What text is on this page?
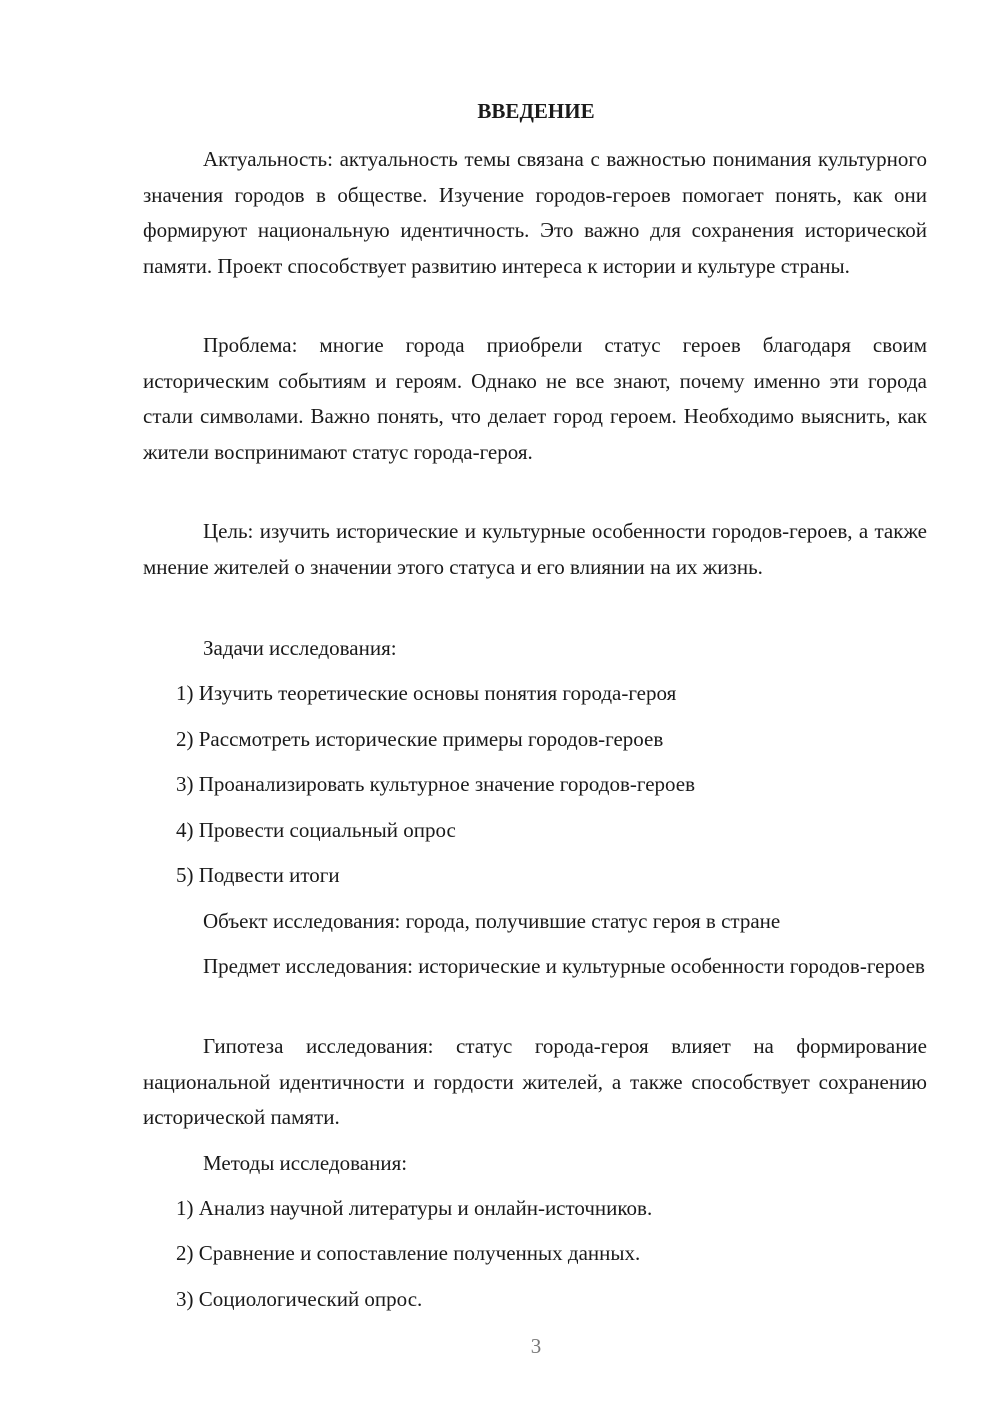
ВВЕДЕНИЕ

Актуальность: актуальность темы связана с важностью понимания культурного значения городов в обществе. Изучение городов-героев помогает понять, как они формируют национальную идентичность. Это важно для сохранения исторической памяти. Проект способствует развитию интереса к истории и культуре страны.

Проблема: многие города приобрели статус героев благодаря своим историческим событиям и героям. Однако не все знают, почему именно эти города стали символами. Важно понять, что делает город героем. Необходимо выяснить, как жители воспринимают статус города-героя.

Цель: изучить исторические и культурные особенности городов-героев, а также мнение жителей о значении этого статуса и его влиянии на их жизнь.

Задачи исследования:
1) Изучить теоретические основы понятия города-героя
2) Рассмотреть исторические примеры городов-героев
3) Проанализировать культурное значение городов-героев
4) Провести социальный опрос
5) Подвести итоги
Объект исследования: города, получившие статус героя в стране

Предмет исследования: исторические и культурные особенности городов-героев

Гипотеза исследования: статус города-героя влияет на формирование национальной идентичности и гордости жителей, а также способствует сохранению исторической памяти.

Методы исследования:
1) Анализ научной литературы и онлайн-источников.
2) Сравнение и сопоставление полученных данных.
3) Социологический опрос.
3
